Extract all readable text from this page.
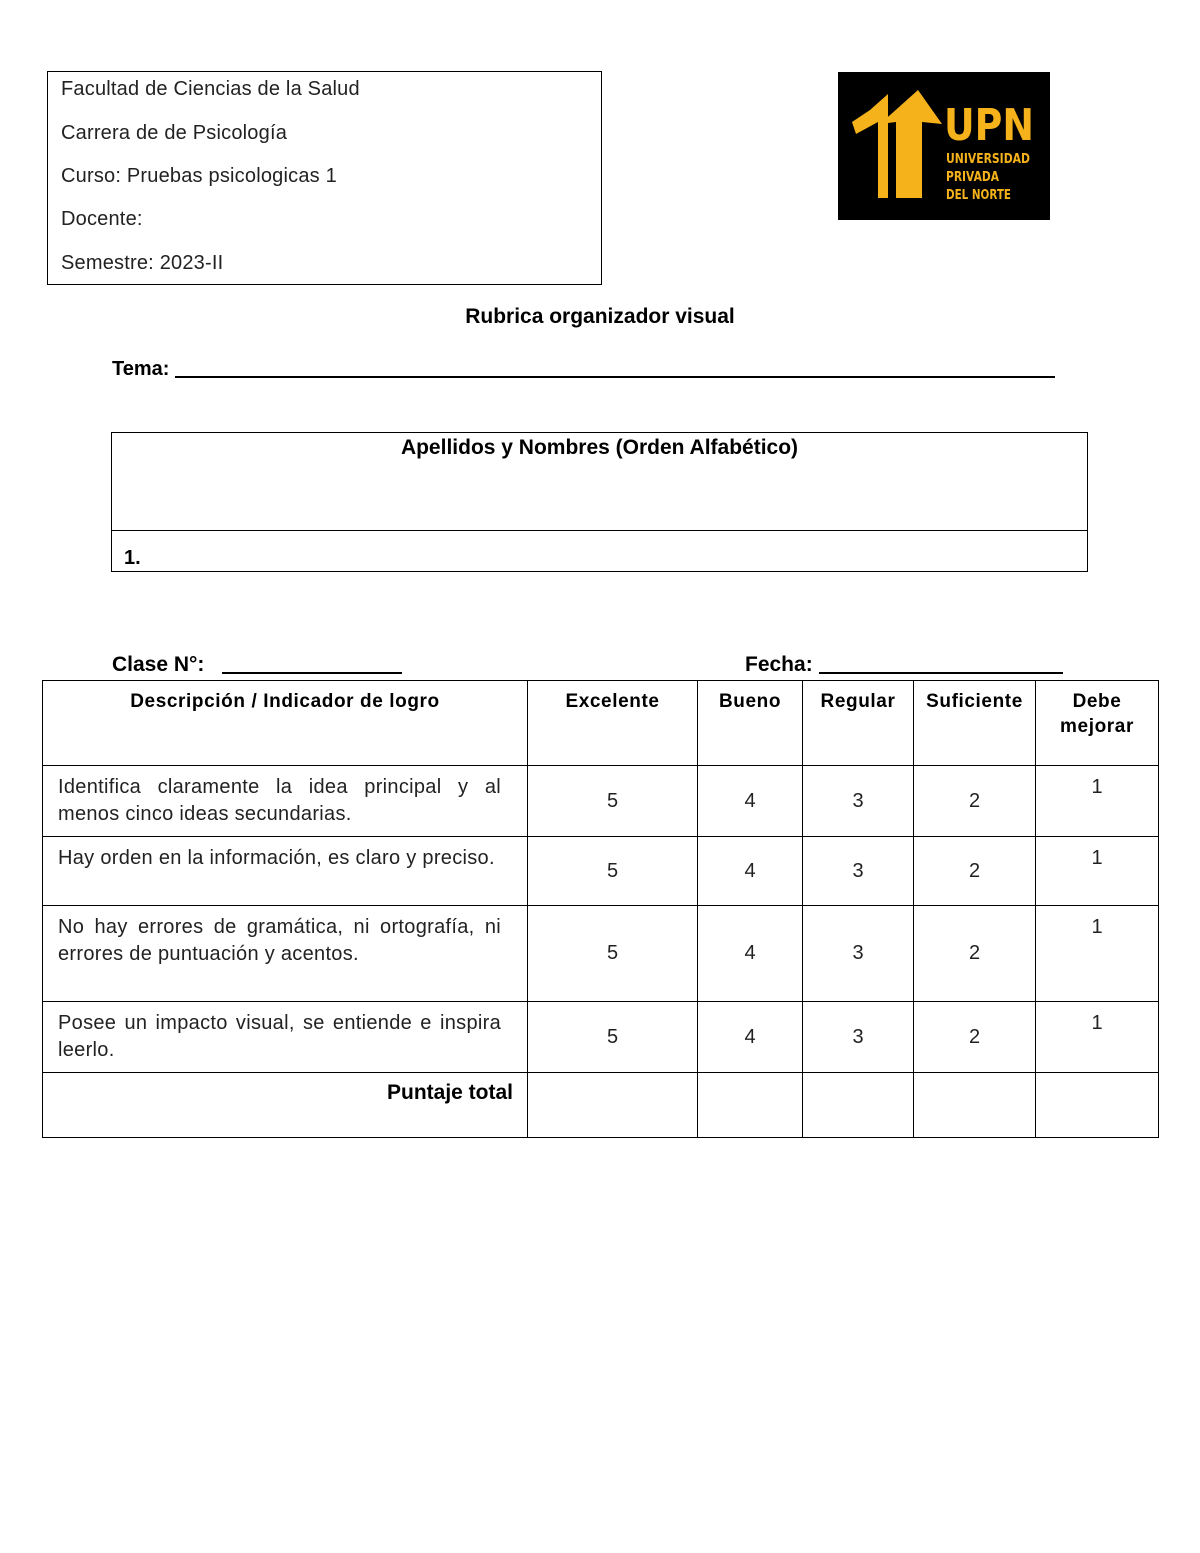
Facultad de Ciencias de la Salud
Carrera de de Psicología
Curso: Pruebas psicologicas 1
Docente:
Semestre: 2023-II
UPN
UNIVERSIDAD
PRIVADA
DEL NORTE
Rubrica organizador visual
Tema:
Apellidos y Nombres (Orden Alfabético)
1.
Clase N°:	Fecha:
Descripción / Indicador de logro	Excelente	Bueno	Regular	Suficiente	Debe mejorar
Identifica claramente la idea principal y al menos cinco ideas secundarias.	5	4	3	2	1
Hay orden en la información, es claro y preciso.	5	4	3	2	1
No hay errores de gramática, ni ortografía, ni errores de puntuación y acentos.	5	4	3	2	1
Posee un impacto visual, se entiende e inspira leerlo.	5	4	3	2	1
Puntaje total					
